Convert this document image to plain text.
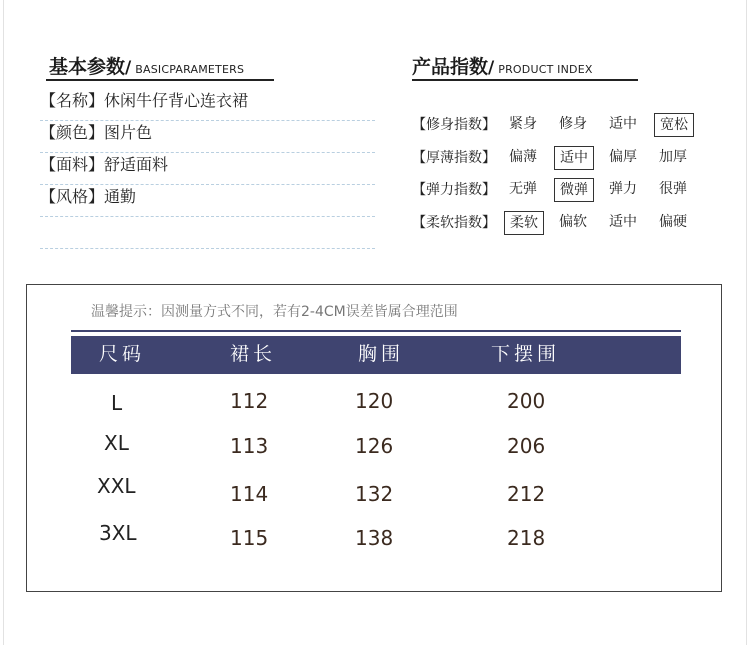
基本参数 / BASICPARAMETERS
【名称】休闲牛仔背心连衣裙
【颜色】图片色
【面料】舒适面料
【风格】通勤
产品指数 / PRODUCT INDEX
【修身指数】 紧身	修身	适中	宽松
【厚薄指数】 偏薄	适中	偏厚	加厚
【弹力指数】 无弹	微弹	弹力	很弹
【柔软指数】	柔软	偏软	适中	偏硬
温馨提示：因测量方式不同，若有2-4CM误差皆属合理范围
尺码	裙长	胸围	下摆围
L	112	120	200
XL	113	126	206
XXL	114	132	212
3XL	115	138	218
